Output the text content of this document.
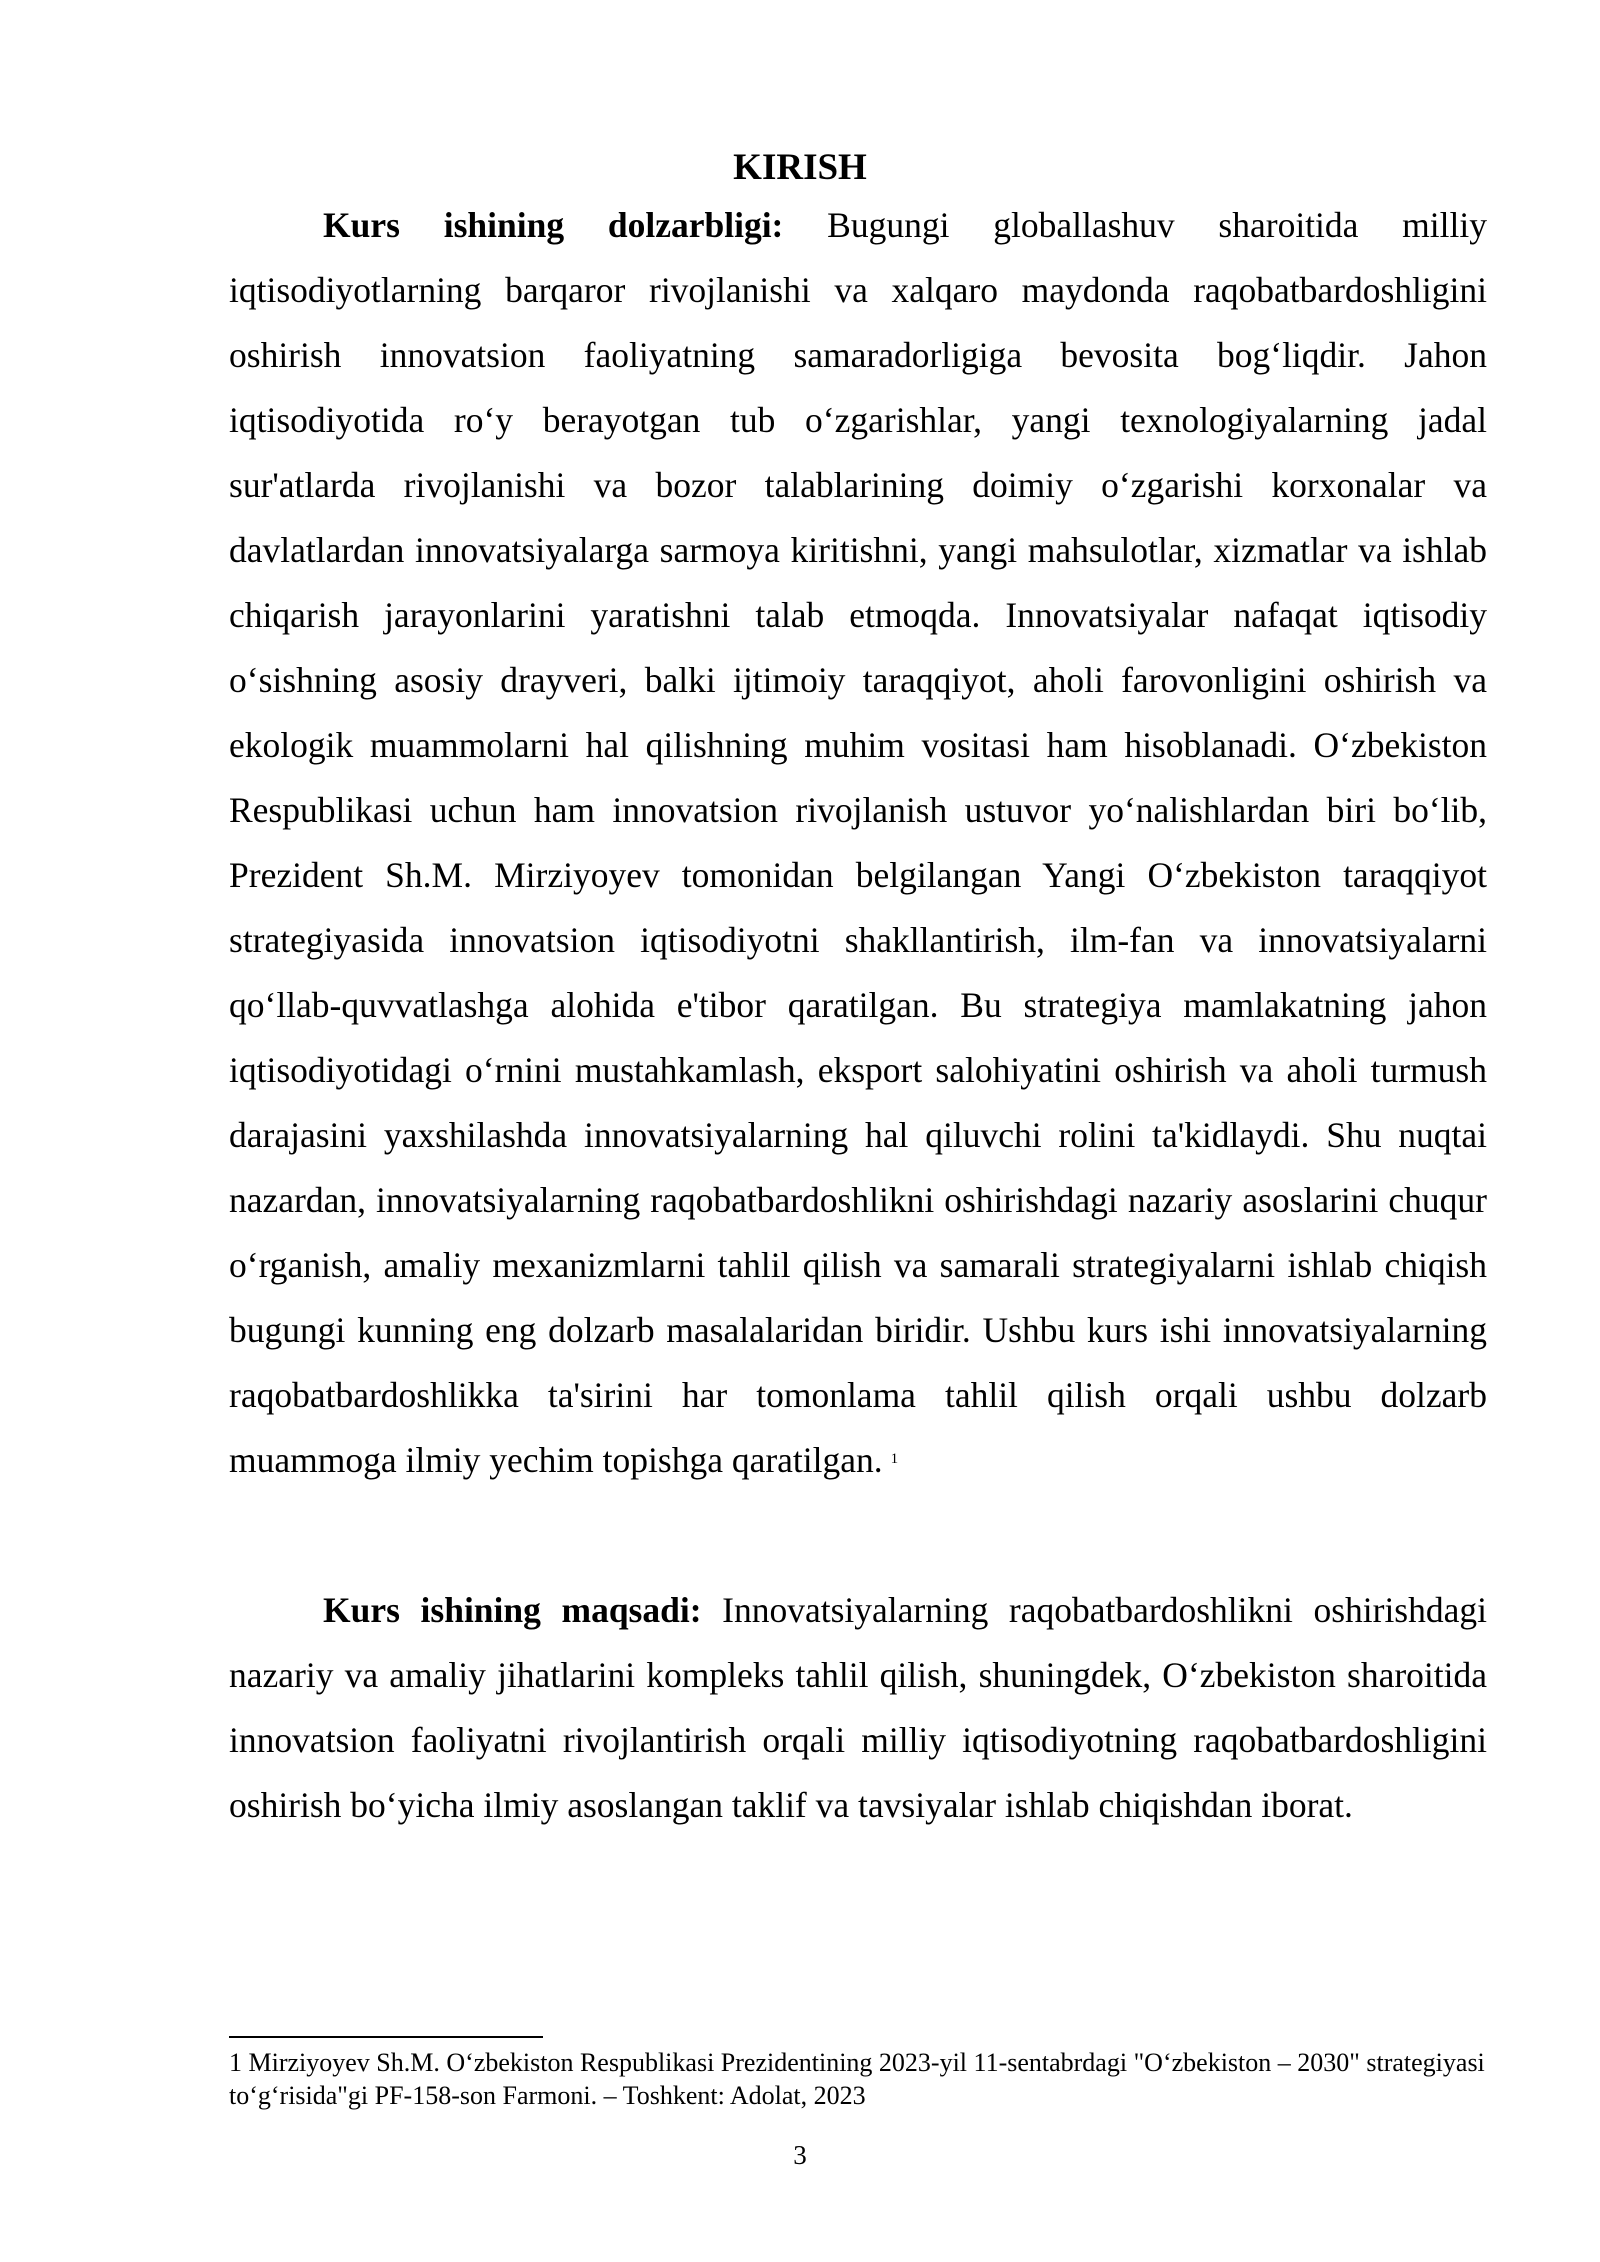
KIRISH

Kurs ishining dolzarbligi: Bugungi globallashuv sharoitida milliy iqtisodiyotlarning barqaror rivojlanishi va xalqaro maydonda raqobatbardoshligini oshirish innovatsion faoliyatning samaradorligiga bevosita bog‘liqdir. Jahon iqtisodiyotida ro‘y berayotgan tub o‘zgarishlar, yangi texnologiyalarning jadal sur'atlarda rivojlanishi va bozor talablarining doimiy o‘zgarishi korxonalar va davlatlardan innovatsiyalarga sarmoya kiritishni, yangi mahsulotlar, xizmatlar va ishlab chiqarish jarayonlarini yaratishni talab etmoqda. Innovatsiyalar nafaqat iqtisodiy o‘sishning asosiy drayveri, balki ijtimoiy taraqqiyot, aholi farovonligini oshirish va ekologik muammolarni hal qilishning muhim vositasi ham hisoblanadi. O‘zbekiston Respublikasi uchun ham innovatsion rivojlanish ustuvor yo‘nalishlardan biri bo‘lib, Prezident Sh.M. Mirziyoyev tomonidan belgilangan Yangi O‘zbekiston taraqqiyot strategiyasida innovatsion iqtisodiyotni shakllantirish, ilm-fan va innovatsiyalarni qo‘llab-quvvatlashga alohida e'tibor qaratilgan. Bu strategiya mamlakatning jahon iqtisodiyotidagi o‘rnini mustahkamlash, eksport salohiyatini oshirish va aholi turmush darajasini yaxshilashda innovatsiyalarning hal qiluvchi rolini ta'kidlaydi. Shu nuqtai nazardan, innovatsiyalarning raqobatbardoshlikni oshirishdagi nazariy asoslarini chuqur o‘rganish, amaliy mexanizmlarni tahlil qilish va samarali strategiyalarni ishlab chiqish bugungi kunning eng dolzarb masalalaridan biridir. Ushbu kurs ishi innovatsiyalarning raqobatbardoshlikka ta'sirini har tomonlama tahlil qilish orqali ushbu dolzarb muammoga ilmiy yechim topishga qaratilgan. $^1$

Kurs ishining maqsadi: Innovatsiyalarning raqobatbardoshlikni oshirishdagi nazariy va amaliy jihatlarini kompleks tahlil qilish, shuningdek, O‘zbekiston sharoitida innovatsion faoliyatni rivojlantirish orqali milliy iqtisodiyotning raqobatbardoshligini oshirish bo‘yicha ilmiy asoslangan taklif va tavsiyalar ishlab chiqishdan iborat.

1 Mirziyoyev Sh.M. O‘zbekiston Respublikasi Prezidentining 2023-yil 11-sentabrdagi "O‘zbekiston – 2030" strategiyasi to‘g‘risida"gi PF-158-son Farmoni. – Toshkent: Adolat, 2023

3
